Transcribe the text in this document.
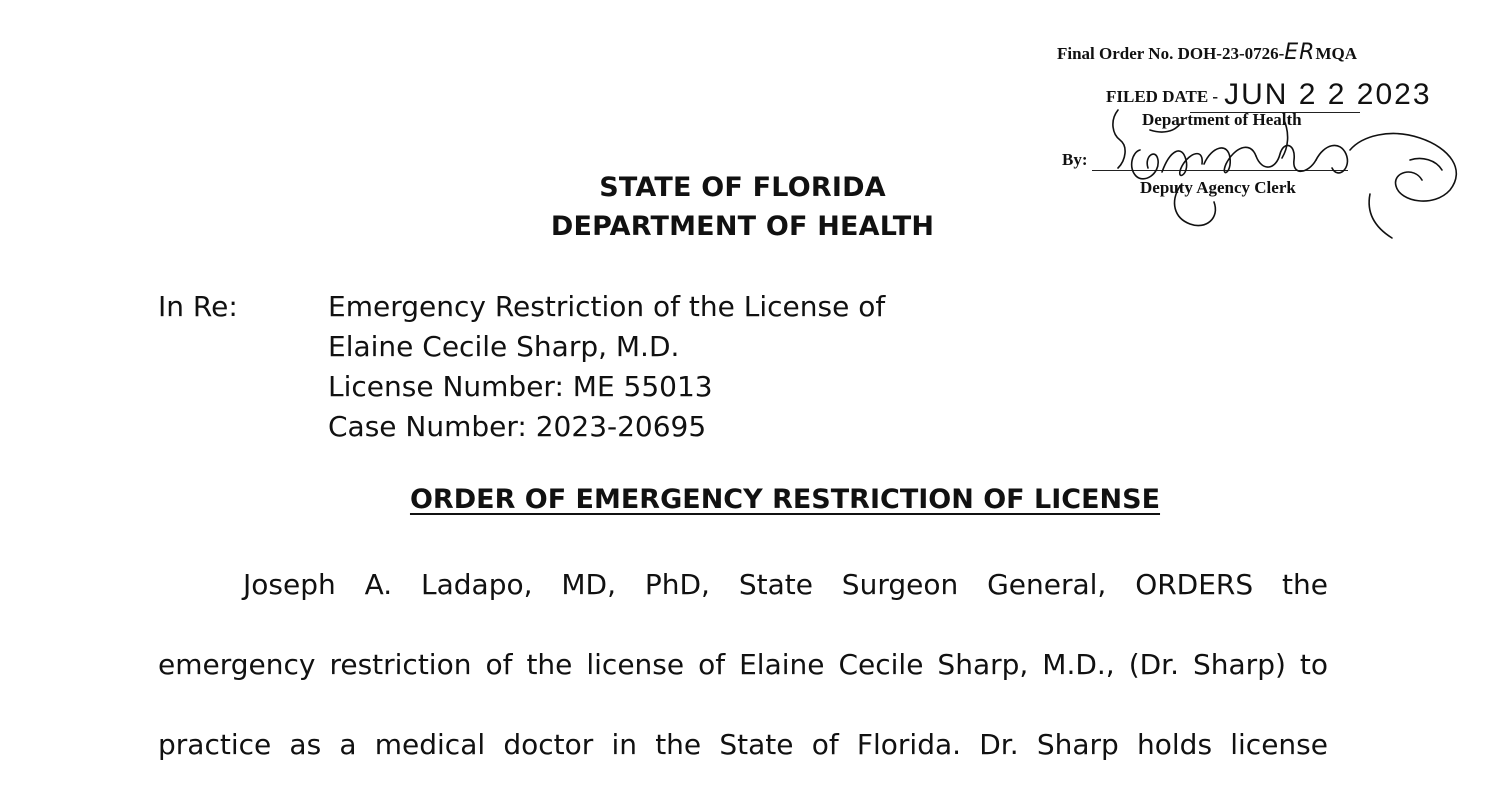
Final Order No. DOH-23-0726-ERMQA
FILED DATE - JUN 2 2 2023
Department of Health
By:
Deputy Agency Clerk
STATE OF FLORIDA
DEPARTMENT OF HEALTH
In Re:	Emergency Restriction of the License of
Elaine Cecile Sharp, M.D.
License Number: ME 55013
Case Number: 2023-20695
ORDER OF EMERGENCY RESTRICTION OF LICENSE
Joseph A. Ladapo, MD, PhD, State Surgeon General, ORDERS the
emergency restriction of the license of Elaine Cecile Sharp, M.D., (Dr. Sharp) to
practice as a medical doctor in the State of Florida. Dr. Sharp holds license
